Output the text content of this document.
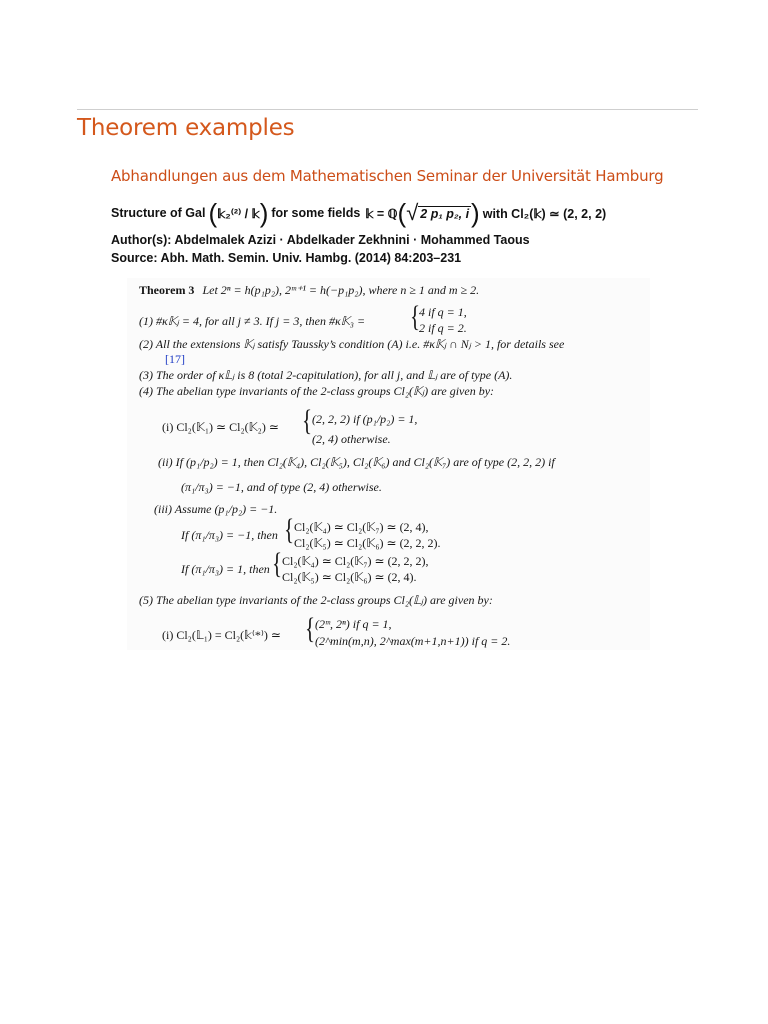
Theorem examples
Abhandlungen aus dem Mathematischen Seminar der Universität Hamburg
Structure of Gal ( 𝕜₂⁽²⁾ / 𝕜 ) for some fields 𝕜 = ℚ ( √ 2 p₁ p₂, i ) with Cl₂(𝕜) ≃ (2, 2, 2)
Author(s): Abdelmalek Azizi · Abdelkader Zekhnini · Mohammed Taous
Source: Abh. Math. Semin. Univ. Hambg. (2014) 84:203–231
Theorem 3 Let 2ⁿ = h(p₁p₂), 2ᵐ⁺¹ = h(−p₁p₂), where n ≥ 1 and m ≥ 2.
(1) #κ𝕂ⱼ = 4, for all j ≠ 3. If j = 3, then #κ𝕂₃ = {
4 if q = 1,
2 if q = 2.
(2) All the extensions 𝕂ⱼ satisfy Taussky’s condition (A) i.e. #κ𝕂ⱼ ∩ Nⱼ > 1, for details see
[17]
(3) The order of κ𝕃ⱼ is 8 (total 2-capitulation), for all j, and 𝕃ⱼ are of type (A).
(4) The abelian type invariants of the 2-class groups Cl₂(𝕂ⱼ) are given by:
(i) Cl₂(𝕂₁) ≃ Cl₂(𝕂₂) ≃ { (2, 2, 2) if (p₁/p₂) = 1,
(2, 4) otherwise.
(ii) If (p₁/p₂) = 1, then Cl₂(𝕂₄), Cl₂(𝕂₅), Cl₂(𝕂₆) and Cl₂(𝕂₇) are of type (2, 2, 2) if
(π₁/π₃) = −1, and of type (2, 4) otherwise.
(iii) Assume (p₁/p₂) = −1.
If (π₁/π₃) = −1, then { Cl₂(𝕂₄) ≃ Cl₂(𝕂₇) ≃ (2, 4),
Cl₂(𝕂₅) ≃ Cl₂(𝕂₆) ≃ (2, 2, 2).
If (π₁/π₃) = 1, then { Cl₂(𝕂₄) ≃ Cl₂(𝕂₇) ≃ (2, 2, 2),
Cl₂(𝕂₅) ≃ Cl₂(𝕂₆) ≃ (2, 4).
(5) The abelian type invariants of the 2-class groups Cl₂(𝕃ⱼ) are given by:
(i) Cl₂(𝕃₁) = Cl₂(𝕜⁽*⁾) ≃ { (2ᵐ, 2ⁿ) if q = 1,
(2^min(m,n), 2^max(m+1,n+1)) if q = 2.
